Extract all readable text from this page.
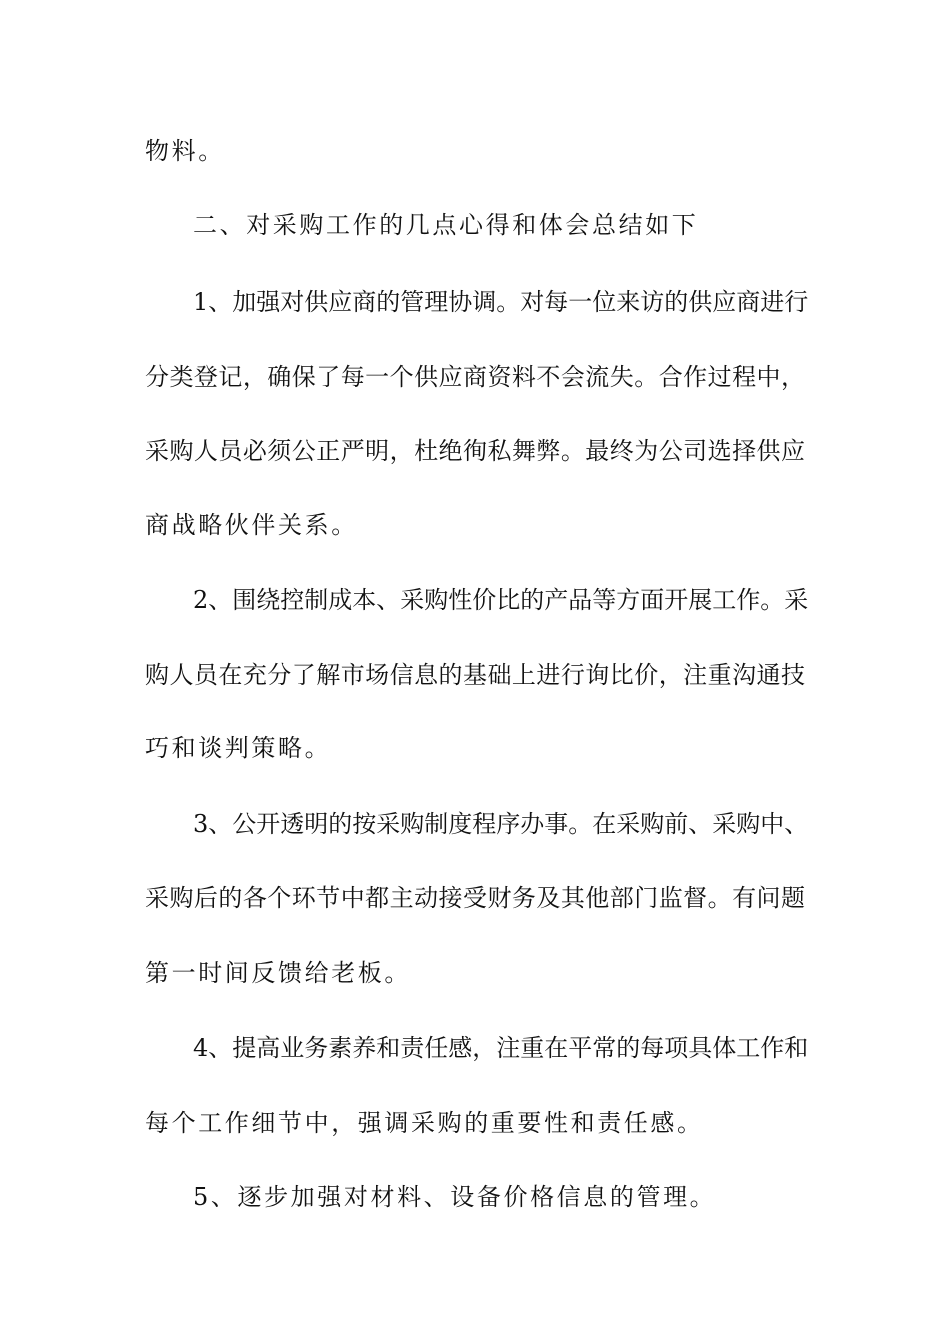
物料。
二、对采购工作的几点心得和体会总结如下
1、加强对供应商的管理协调。对每一位来访的供应商进行
分类登记，确保了每一个供应商资料不会流失。合作过程中，
采购人员必须公正严明，杜绝徇私舞弊。最终为公司选择供应
商战略伙伴关系。
2、围绕控制成本、采购性价比的产品等方面开展工作。采
购人员在充分了解市场信息的基础上进行询比价，注重沟通技
巧和谈判策略。
3、公开透明的按采购制度程序办事。在采购前、采购中、
采购后的各个环节中都主动接受财务及其他部门监督。有问题
第一时间反馈给老板。
4、提高业务素养和责任感，注重在平常的每项具体工作和
每个工作细节中，强调采购的重要性和责任感。
5、逐步加强对材料、设备价格信息的管理。
